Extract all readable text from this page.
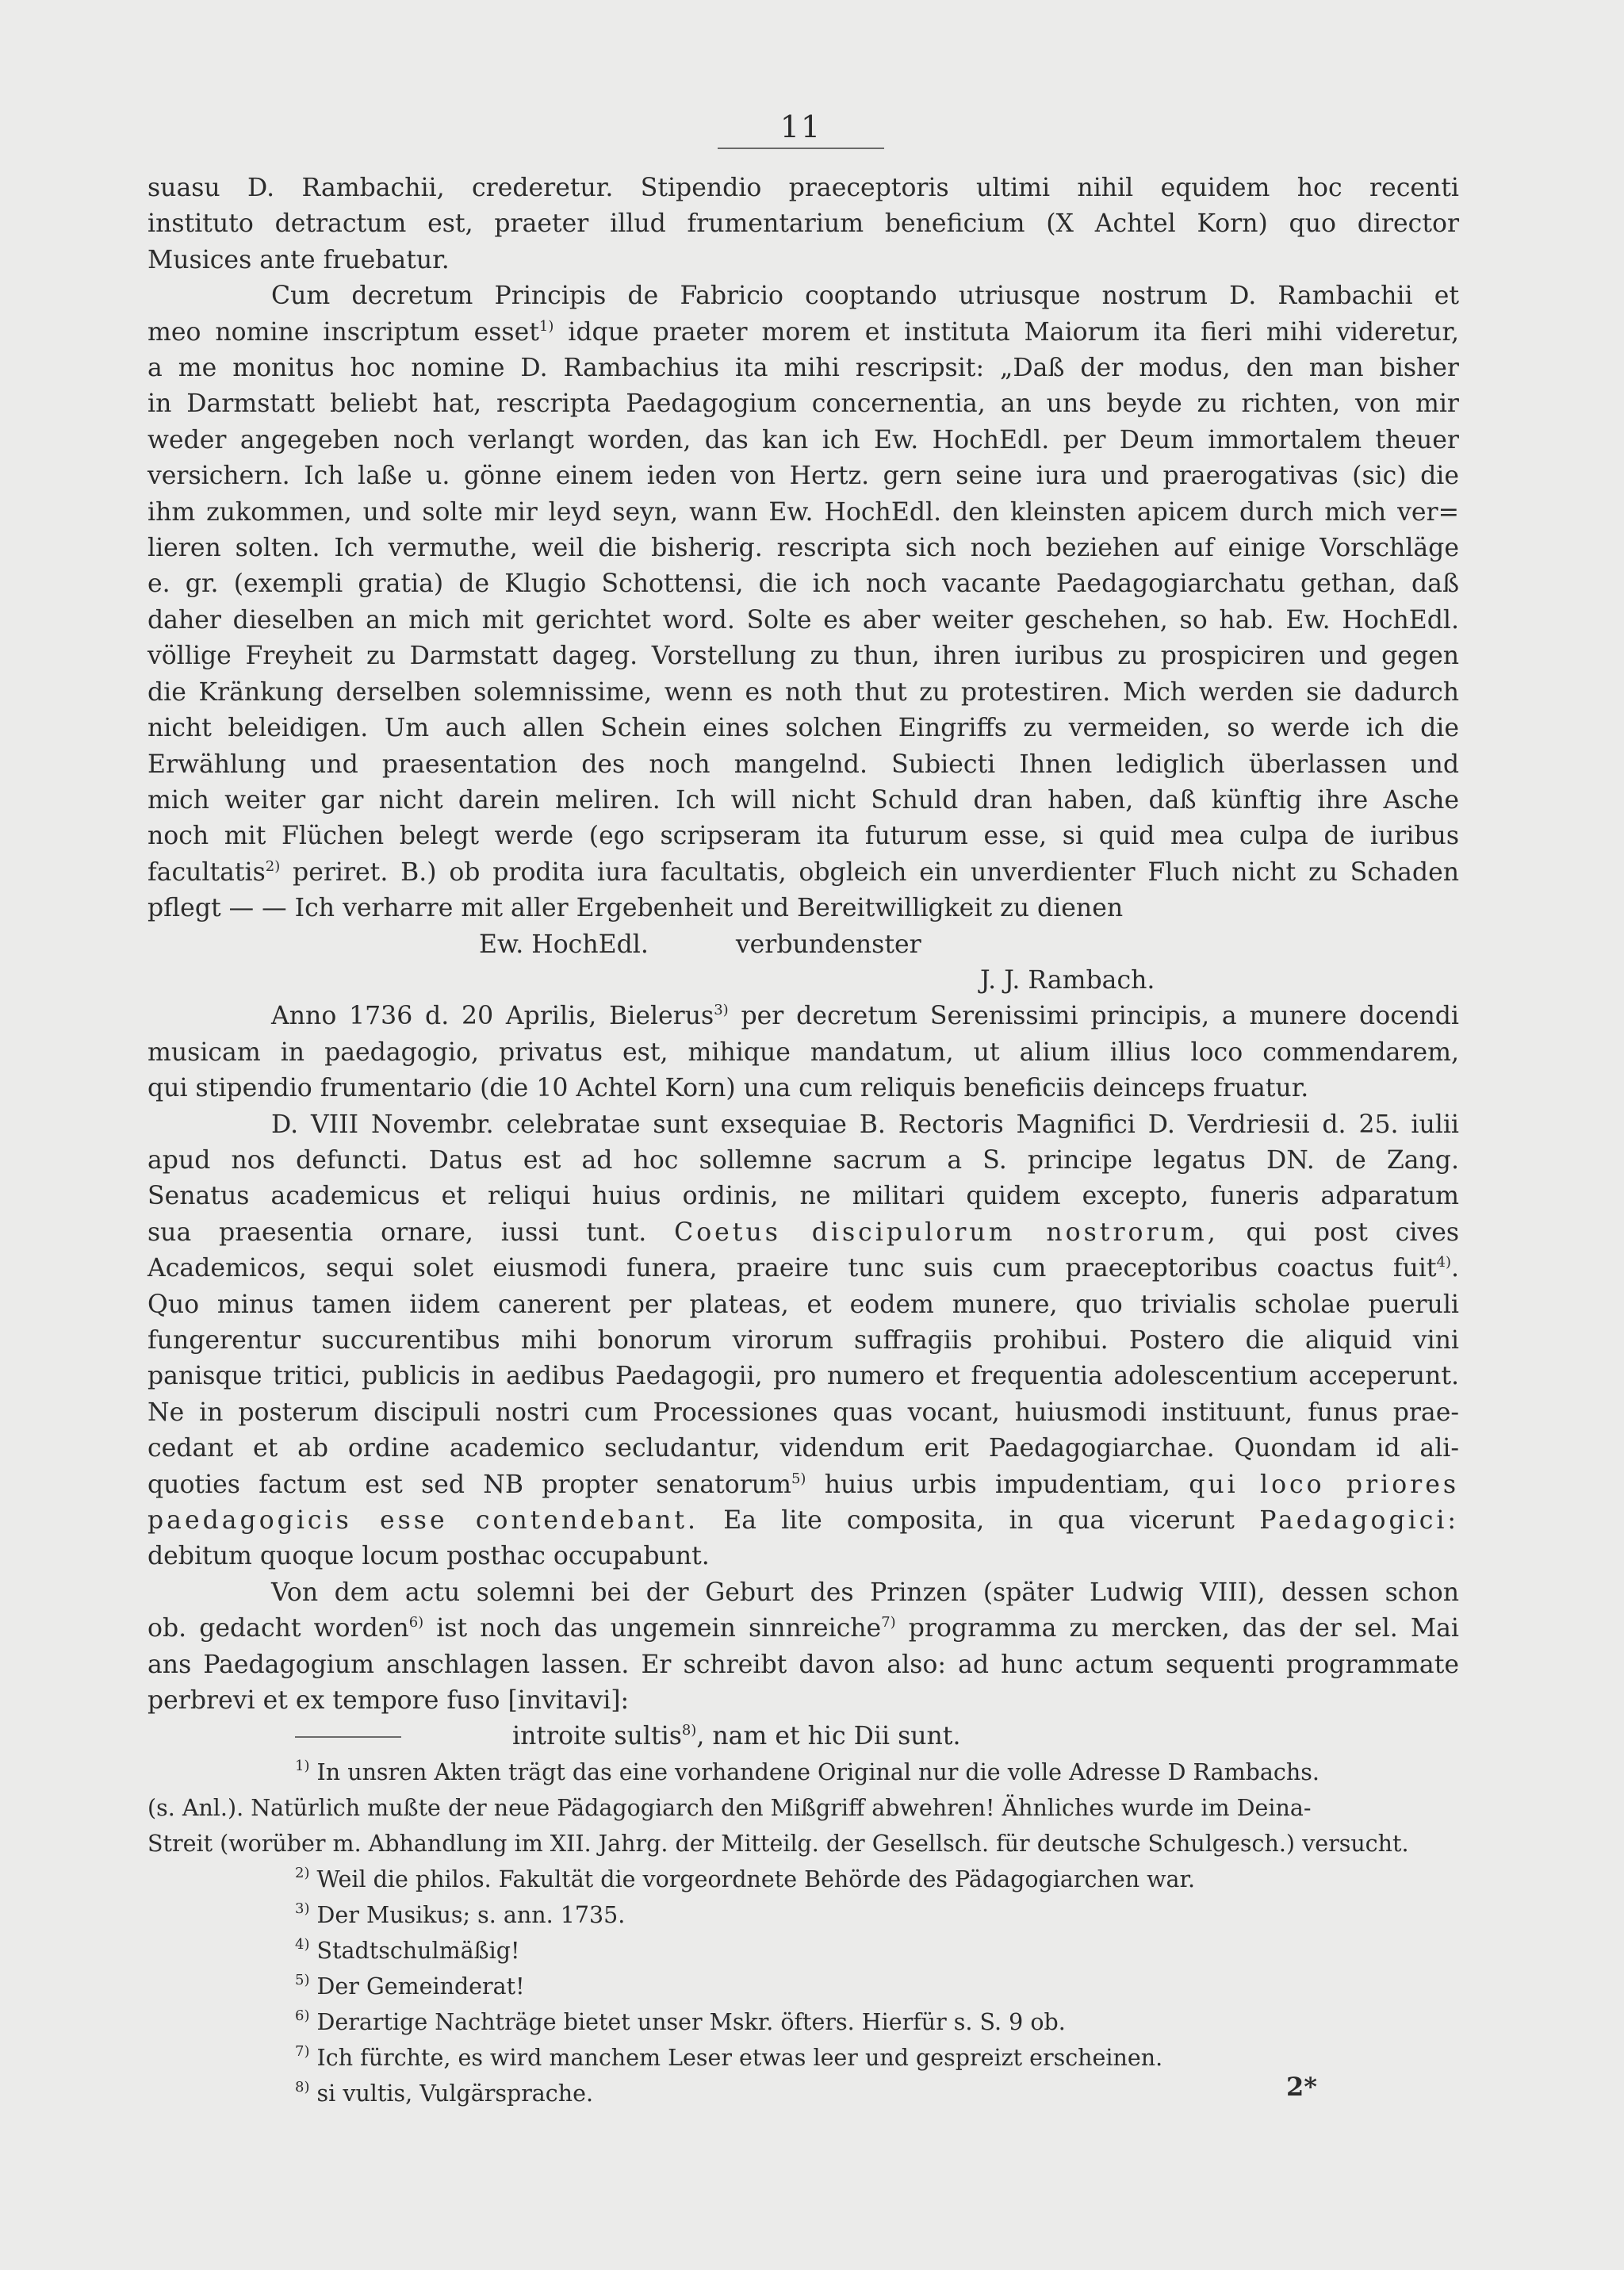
11

suasu D. Rambachii, crederetur. Stipendio praeceptoris ultimi nihil equidem hoc recenti
instituto detractum est, praeter illud frumentarium beneficium (X Achtel Korn) quo director
Musices ante fruebatur.

Cum decretum Principis de Fabricio cooptando utriusque nostrum D. Rambachii et
meo nomine inscriptum esset$^{1)}$ idque praeter morem et instituta Maiorum ita fieri mihi videretur,
a me monitus hoc nomine D. Rambachius ita mihi rescripsit: „Daß der modus, den man bisher
in Darmstatt beliebt hat, rescripta Paedagogium concernentia, an uns beyde zu richten, von mir
weder angegeben noch verlangt worden, das kan ich Ew. HochEdl. per Deum immortalem theuer
versichern. Ich laße u. gönne einem ieden von Hertz. gern seine iura und praerogativas (sic) die
ihm zukommen, und solte mir leyd seyn, wann Ew. HochEdl. den kleinsten apicem durch mich ver=
lieren solten. Ich vermuthe, weil die bisherig. rescripta sich noch beziehen auf einige Vorschläge
e. gr. (exempli gratia) de Klugio Schottensi, die ich noch vacante Paedagogiarchatu gethan, daß
daher dieselben an mich mit gerichtet word. Solte es aber weiter geschehen, so hab. Ew. HochEdl.
völlige Freyheit zu Darmstatt dageg. Vorstellung zu thun, ihren iuribus zu prospiciren und gegen
die Kränkung derselben solemnissime, wenn es noth thut zu protestiren. Mich werden sie dadurch
nicht beleidigen. Um auch allen Schein eines solchen Eingriffs zu vermeiden, so werde ich die
Erwählung und praesentation des noch mangelnd. Subiecti Ihnen lediglich überlassen und
mich weiter gar nicht darein meliren. Ich will nicht Schuld dran haben, daß künftig ihre Asche
noch mit Flüchen belegt werde (ego scripseram ita futurum esse, si quid mea culpa de iuribus
facultatis$^{2)}$ periret. B.) ob prodita iura facultatis, obgleich ein unverdienter Fluch nicht zu Schaden
pflegt — — Ich verharre mit aller Ergebenheit und Bereitwilligkeit zu dienen
Ew. HochEdl.	verbundenster
J. J. Rambach.

Anno 1736 d. 20 Aprilis, Bielerus$^{3)}$ per decretum Serenissimi principis, a munere docendi
musicam in paedagogio, privatus est, mihique mandatum, ut alium illius loco commendarem,
qui stipendio frumentario (die 10 Achtel Korn) una cum reliquis beneficiis deinceps fruatur.

D. VIII Novembr. celebratae sunt exsequiae B. Rectoris Magnifici D. Verdriesii d. 25. iulii
apud nos defuncti. Datus est ad hoc sollemne sacrum a S. principe legatus DN. de Zang.
Senatus academicus et reliqui huius ordinis, ne militari quidem excepto, funeris adparatum
sua praesentia ornare, iussi tunt. Coetus discipulorum nostrorum, qui post cives
Academicos, sequi solet eiusmodi funera, praeire tunc suis cum praeceptoribus coactus fuit$^{4)}$.
Quo minus tamen iidem canerent per plateas, et eodem munere, quo trivialis scholae pueruli
fungerentur succurentibus mihi bonorum virorum suffragiis prohibui. Postero die aliquid vini
panisque tritici, publicis in aedibus Paedagogii, pro numero et frequentia adolescentium acceperunt.
Ne in posterum discipuli nostri cum Processiones quas vocant, huiusmodi instituunt, funus prae-
cedant et ab ordine academico secludantur, videndum erit Paedagogiarchae. Quondam id ali-
quoties factum est sed NB propter senatorum$^{5)}$ huius urbis impudentiam, qui loco priores
paedagogicis esse contendebant. Ea lite composita, in qua vicerunt Paedagogici:
debitum quoque locum posthac occupabunt.

Von dem actu solemni bei der Geburt des Prinzen (später Ludwig VIII), dessen schon
ob. gedacht worden$^{6)}$ ist noch das ungemein sinnreiche$^{7)}$ programma zu mercken, das der sel. Mai
ans Paedagogium anschlagen lassen. Er schreibt davon also: ad hunc actum sequenti programmate
perbrevi et ex tempore fuso [invitavi]:
introite sultis$^{8)}$, nam et hic Dii sunt.

$^{1)}$ In unsren Akten trägt das eine vorhandene Original nur die volle Adresse D Rambachs.

(s. Anl.). Natürlich mußte der neue Pädagogiarch den Mißgriff abwehren! Ähnliches wurde im Deina-

Streit (worüber m. Abhandlung im XII. Jahrg. der Mitteilg. der Gesellsch. für deutsche Schulgesch.) versucht.

$^{2)}$ Weil die philos. Fakultät die vorgeordnete Behörde des Pädagogiarchen war.

$^{3)}$ Der Musikus; s. ann. 1735.

$^{4)}$ Stadtschulmäßig!

$^{5)}$ Der Gemeinderat!

$^{6)}$ Derartige Nachträge bietet unser Mskr. öfters. Hierfür s. S. 9 ob.

$^{7)}$ Ich fürchte, es wird manchem Leser etwas leer und gespreizt erscheinen.

$^{8)}$ si vultis, Vulgärsprache.	2*
